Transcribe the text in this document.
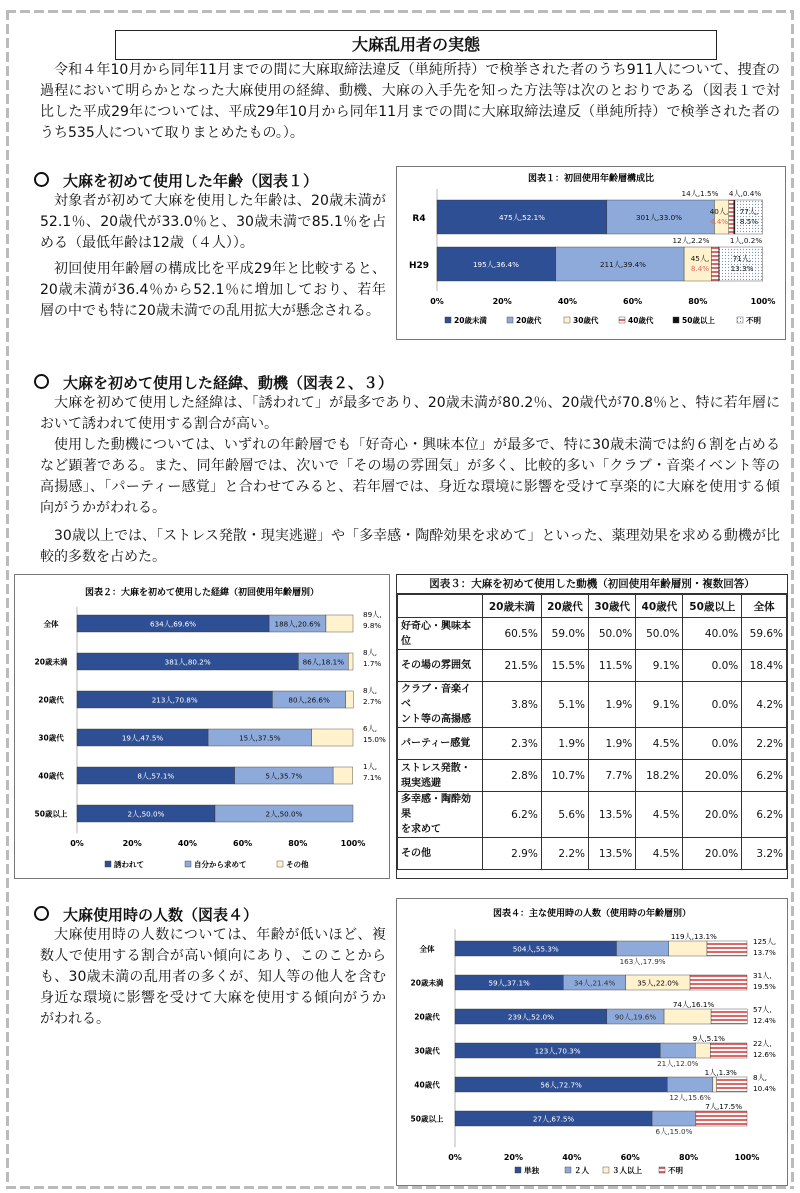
大麻乱用者の実態
令和４年10月から同年11月までの間に大麻取締法違反（単純所持）で検挙された者のうち911人について、捜査の過程において明らかとなった大麻使用の経緯、動機、大麻の入手先を知った方法等は次のとおりである（図表１で対比した平成29年については、平成29年10月から同年11月までの間に大麻取締法違反（単純所持）で検挙された者のうち535人について取りまとめたもの。）。
大麻を初めて使用した年齢（図表１）
対象者が初めて大麻を使用した年齢は、20歳未満が52.1％、20歳代が33.0％と、30歳未満で85.1％を占める（最低年齢は12歳（４人））。
初回使用年齢層の構成比を平成29年と比較すると、20歳未満が36.4％から52.1％に増加しており、若年層の中でも特に20歳未満での乱用拡大が懸念される。
図表１：初回使用年齢層構成比
0%	20%	40%	60%	80%	100%
R4
H29
475人,52.1%	301人,33.0%
40人,
4.4%
14人,1.5% 4人,0.4%
77人,
8.5%
195人,36.4%	211人,39.4%
45人,
8.4%
12人,2.2%	1人,0.2%
71人,
13.3%
20歳未満	20歳代	30歳代	40歳代	50歳以上	不明
大麻を初めて使用した経緯、動機（図表２、３）
大麻を初めて使用した経緯は、「誘われて」が最多であり、20歳未満が80.2％、20歳代が70.8％と、特に若年層において誘われて使用する割合が高い。
使用した動機については、いずれの年齢層でも「好奇心・興味本位」が最多で、特に30歳未満では約６割を占めるなど顕著である。また、同年齢層では、次いで「その場の雰囲気」が多く、比較的多い「クラブ・音楽イベント等の高揚感」、「パーティー感覚」と合わせてみると、若年層では、身近な環境に影響を受けて享楽的に大麻を使用する傾向がうかがわれる。
30歳以上では、「ストレス発散・現実逃避」や「多幸感・陶酔効果を求めて」といった、薬理効果を求める動機が比較的多数を占めた。
図表２：大麻を初めて使用した経緯（初回使用年齢層別）
0%	20%	40%	60%	80%	100%
全体	634人,69.6%	188人,20.6%
89人,
9.8%
20歳未満	381人,80.2%	86人,18.1%
8人,
1.7%
20歳代	213人,70.8%	80人,26.6%
8人,
2.7%
30歳代	19人,47.5%	15人,37.5%
6人,
15.0%
40歳代	8人,57.1%	5人,35.7%
1人,
7.1%
50歳以上	2人,50.0%	2人,50.0%
誘われて	自分から求めて	その他
図表３：大麻を初めて使用した動機（初回使用年齢層別・複数回答）
	20歳未満	20歳代	30歳代	40歳代	50歳以上	全体

好奇心・興味本位	60.5%	59.0%	50.0%	50.0%	40.0%	59.6%

その場の雰囲気	21.5%	15.5%	11.5%	9.1%	0.0%	18.4%

クラブ・音楽イベ
ント等の高揚感	3.8%	5.1%	1.9%	9.1%	0.0%	4.2%

パーティー感覚	2.3%	1.9%	1.9%	4.5%	0.0%	2.2%

ストレス発散・
現実逃避	2.8%	10.7%	7.7%	18.2%	20.0%	6.2%

多幸感・陶酔効果
を求めて	6.2%	5.6%	13.5%	4.5%	20.0%	6.2%

その他	2.9%	2.2%	13.5%	4.5%	20.0%	3.2%
大麻使用時の人数（図表４）
大麻使用時の人数については、年齢が低いほど、複数人で使用する割合が高い傾向にあり、このことからも、30歳未満の乱用者の多くが、知人等の他人を含む身近な環境に影響を受けて大麻を使用する傾向がうかがわれる。
図表４：主な使用時の人数（使用時の年齢層別）
0%	20%	40%	60%	80%	100%
全体	504人,55.3%
163人,17.9%
119人,13.1%
125人,
13.7%
20歳未満	59人,37.1%	34人,21.4%	35人,22.0%
31人,
19.5%
20歳代	239人,52.0%	90人,19.6%
74人,16.1%
57人,
12.4%
30歳代	123人,70.3%
21人,12.0%
9人,5.1%
22人,
12.6%
40歳代	56人,72.7%
12人,15.6%
1人,1.3%
8人,
10.4%
50歳以上	27人,67.5%
6人,15.0%
7人,17.5%
単独	２人	３人以上	不明
